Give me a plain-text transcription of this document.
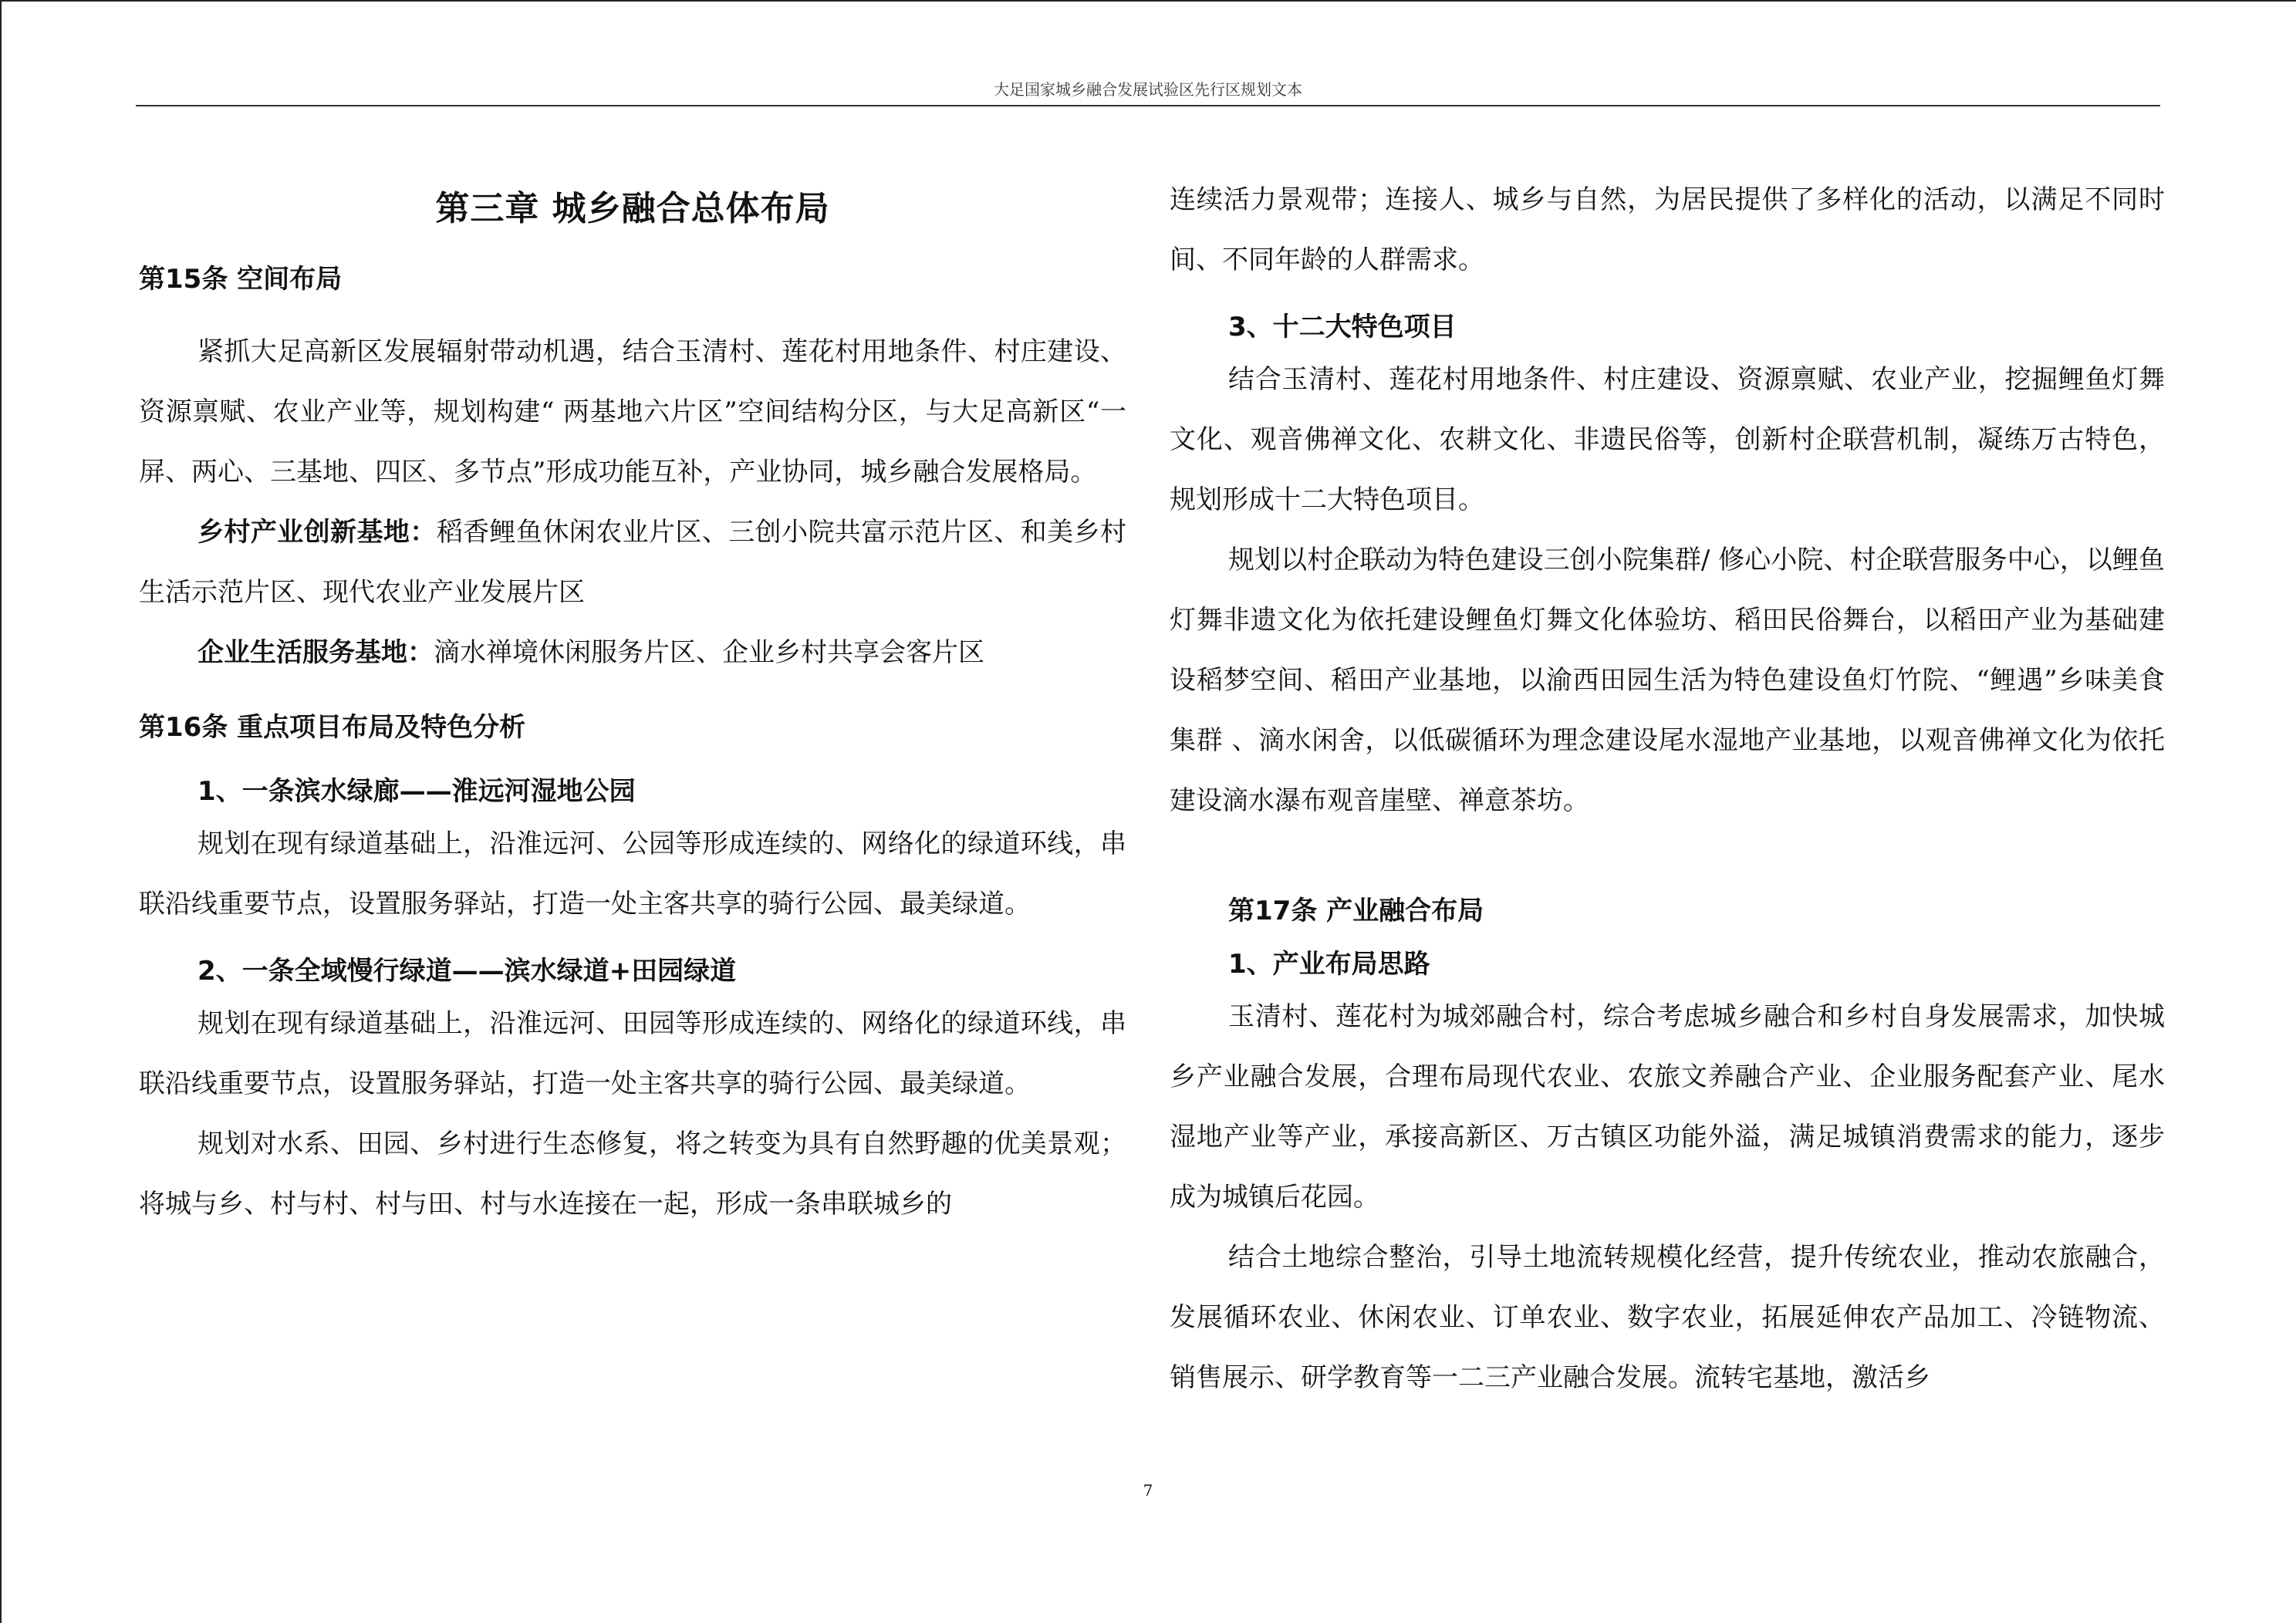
大足国家城乡融合发展试验区先行区规划文本
第三章 城乡融合总体布局
第15条 空间布局

紧抓大足高新区发展辐射带动机遇，结合玉清村、莲花村用地条件、村庄建设、资源禀赋、农业产业等，规划构建“ 两基地六片区”空间结构分区，与大足高新区“一屏、两心、三基地、四区、多节点”形成功能互补，产业协同，城乡融合发展格局。

乡村产业创新基地：稻香鲤鱼休闲农业片区、三创小院共富示范片区、和美乡村生活示范片区、现代农业产业发展片区

企业生活服务基地：滴水禅境休闲服务片区、企业乡村共享会客片区

第16条 重点项目布局及特色分析
1、一条滨水绿廊——淮远河湿地公园

规划在现有绿道基础上，沿淮远河、公园等形成连续的、网络化的绿道环线，串联沿线重要节点，设置服务驿站，打造一处主客共享的骑行公园、最美绿道。

2、一条全域慢行绿道——滨水绿道+田园绿道

规划在现有绿道基础上，沿淮远河、田园等形成连续的、网络化的绿道环线，串联沿线重要节点，设置服务驿站，打造一处主客共享的骑行公园、最美绿道。

规划对水系、田园、乡村进行生态修复，将之转变为具有自然野趣的优美景观；将城与乡、村与村、村与田、村与水连接在一起，形成一条串联城乡的

连续活力景观带；连接人、城乡与自然，为居民提供了多样化的活动，以满足不同时间、不同年龄的人群需求。

3、十二大特色项目

结合玉清村、莲花村用地条件、村庄建设、资源禀赋、农业产业，挖掘鲤鱼灯舞文化、观音佛禅文化、农耕文化、非遗民俗等，创新村企联营机制，凝练万古特色，规划形成十二大特色项目。

规划以村企联动为特色建设三创小院集群/ 修心小院、村企联营服务中心，以鲤鱼灯舞非遗文化为依托建设鲤鱼灯舞文化体验坊、稻田民俗舞台，以稻田产业为基础建设稻梦空间、稻田产业基地，以渝西田园生活为特色建设鱼灯竹院、“鲤遇”乡味美食集群 、滴水闲舍，以低碳循环为理念建设尾水湿地产业基地，以观音佛禅文化为依托建设滴水瀑布观音崖壁、禅意茶坊。

第17条 产业融合布局
1、产业布局思路

玉清村、莲花村为城郊融合村，综合考虑城乡融合和乡村自身发展需求，加快城乡产业融合发展，合理布局现代农业、农旅文养融合产业、企业服务配套产业、尾水湿地产业等产业，承接高新区、万古镇区功能外溢，满足城镇消费需求的能力，逐步成为城镇后花园。

结合土地综合整治，引导土地流转规模化经营，提升传统农业，推动农旅融合，发展循环农业、休闲农业、订单农业、数字农业，拓展延伸农产品加工、冷链物流、销售展示、研学教育等一二三产业融合发展。流转宅基地，激活乡

7
